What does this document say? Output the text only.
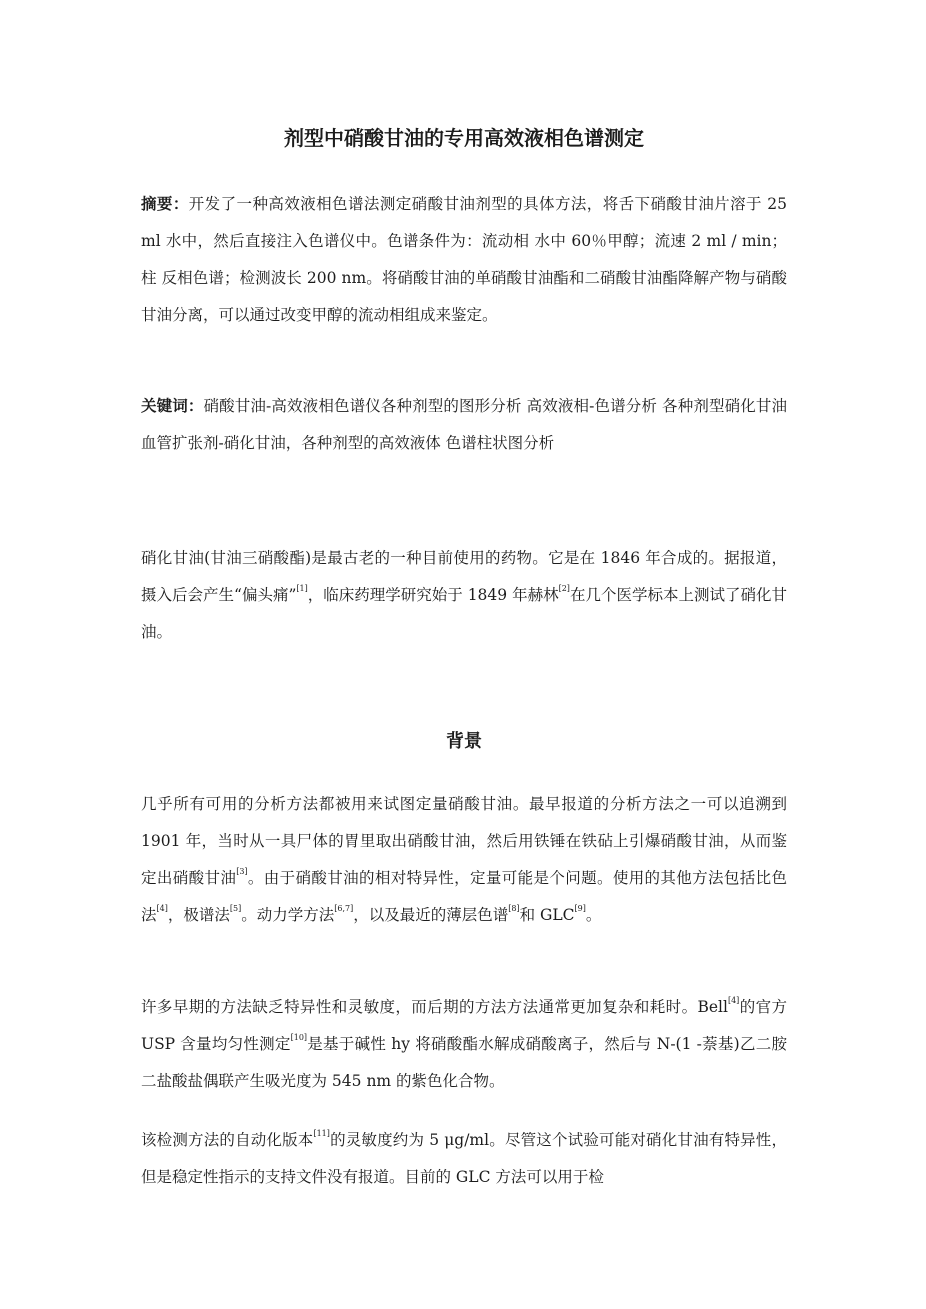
剂型中硝酸甘油的专用高效液相色谱测定

摘要：开发了一种高效液相色谱法测定硝酸甘油剂型的具体方法，将舌下硝酸甘油片溶于 25 ml 水中，然后直接注入色谱仪中。色谱条件为：流动相 水中 60％甲醇；流速 2 ml / min；柱 反相色谱；检测波长 200 nm。将硝酸甘油的单硝酸甘油酯和二硝酸甘油酯降解产物与硝酸甘油分离，可以通过改变甲醇的流动相组成来鉴定。

关键词：硝酸甘油-高效液相色谱仪各种剂型的图形分析 高效液相-色谱分析 各种剂型硝化甘油 血管扩张剂-硝化甘油，各种剂型的高效液体 色谱柱状图分析

硝化甘油(甘油三硝酸酯)是最古老的一种目前使用的药物。它是在 1846 年合成的。据报道，摄入后会产生“偏头痛”[1]，临床药理学研究始于 1849 年赫林[2]在几个医学标本上测试了硝化甘油。

背景

几乎所有可用的分析方法都被用来试图定量硝酸甘油。最早报道的分析方法之一可以追溯到 1901 年，当时从一具尸体的胃里取出硝酸甘油，然后用铁锤在铁砧上引爆硝酸甘油，从而鉴定出硝酸甘油[3]。由于硝酸甘油的相对特异性，定量可能是个问题。使用的其他方法包括比色法[4]，极谱法[5]。动力学方法[6,7]，以及最近的薄层色谱[8]和 GLC[9]。

许多早期的方法缺乏特异性和灵敏度，而后期的方法方法通常更加复杂和耗时。Bell[4]的官方 USP 含量均匀性测定[10]是基于碱性 hy 将硝酸酯水解成硝酸离子，然后与 N-(1 -萘基)乙二胺二盐酸盐偶联产生吸光度为 545 nm 的紫色化合物。

该检测方法的自动化版本[11]的灵敏度约为 5 μg/ml。尽管这个试验可能对硝化甘油有特异性，但是稳定性指示的支持文件没有报道。目前的 GLC 方法可以用于检
